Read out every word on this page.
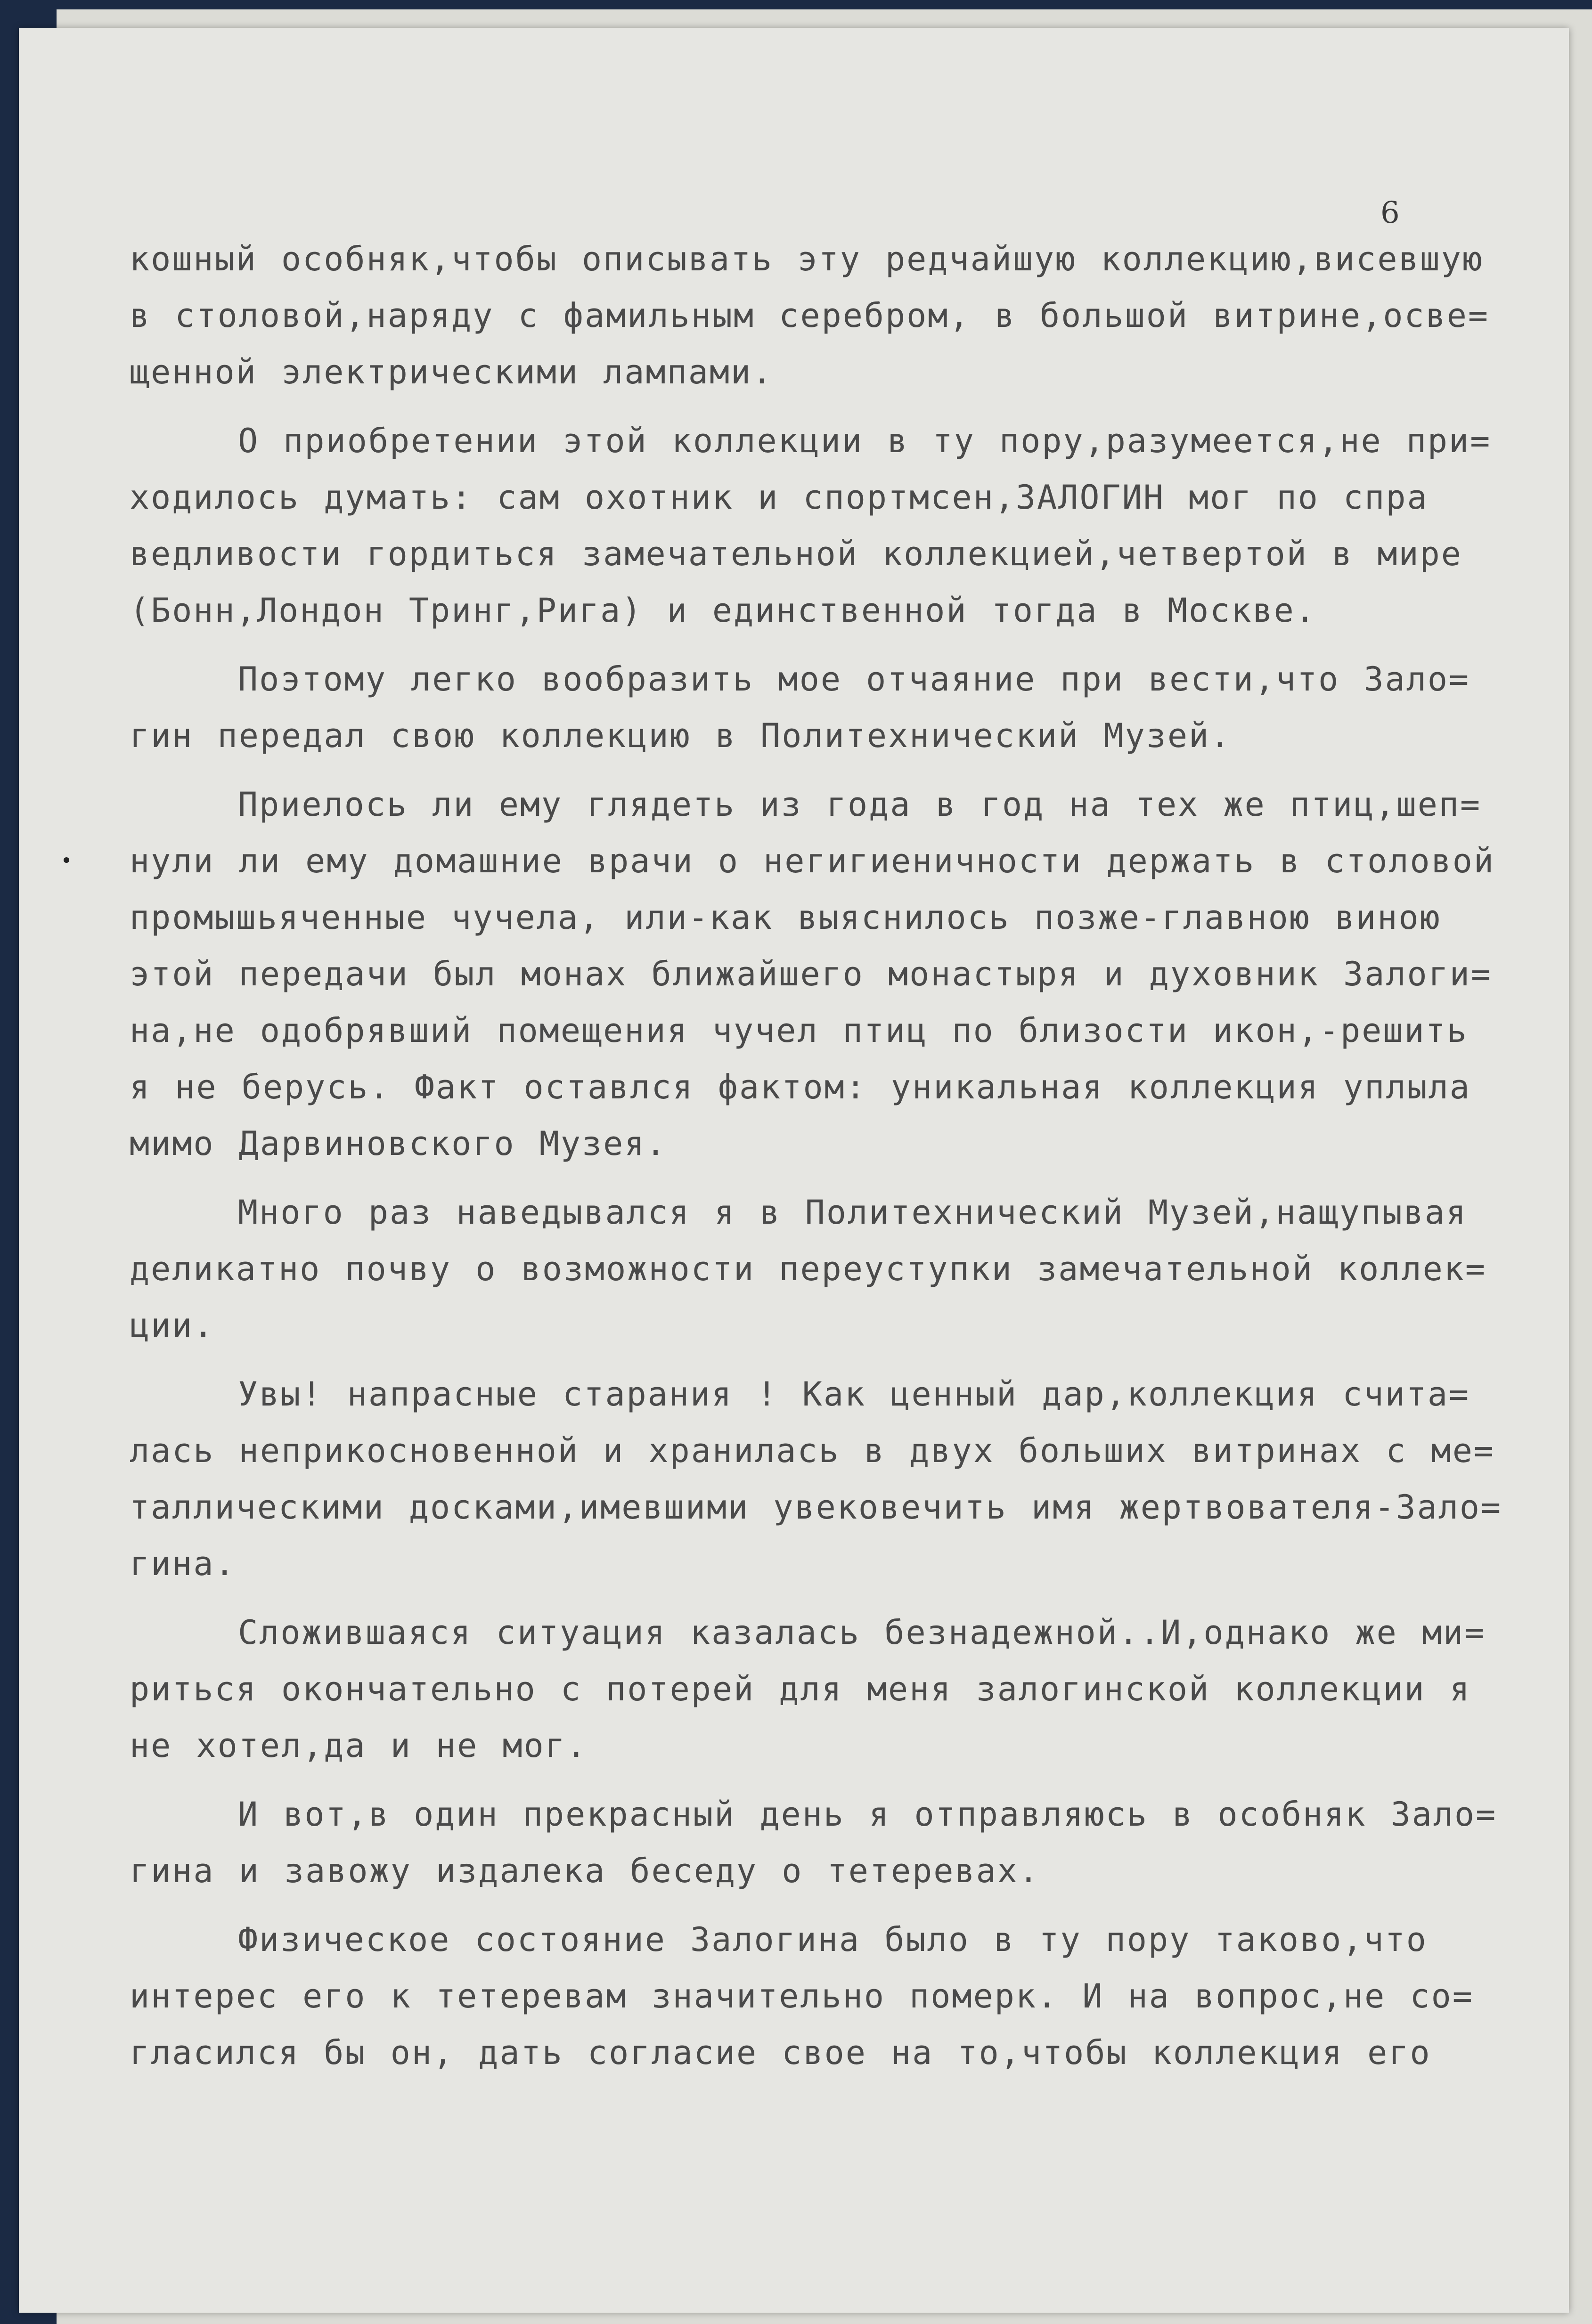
6
кошный особняк,чтобы описывать эту редчайшую коллекцию,висевшую
в столовой,наряду с фамильным серебром, в большой витрине,осве=
щенной электрическими лампами.
О приобретении этой коллекции в ту пору,разумеется,не при=
ходилось думать: сам охотник и спортмсен,ЗАЛОГИН мог по спра
ведливости гордиться замечательной коллекцией,четвертой в мире
(Бонн,Лондон Тринг,Рига) и единственной тогда в Москве.
Поэтому легко вообразить мое отчаяние при вести,что Зало=
гин передал свою коллекцию в Политехнический Музей.
Приелось ли ему глядеть из года в год на тех же птиц,шеп=
нули ли ему домашние врачи о негигиеничности держать в столовой
промышьяченные чучела, или-как выяснилось позже-главною виною
этой передачи был монах ближайшего монастыря и духовник Залоги=
на,не одобрявший помещения чучел птиц по близости икон,-решить
я не берусь. Факт оставлся фактом: уникальная коллекция уплыла
мимо Дарвиновского Музея.
Много раз наведывался я в Политехнический Музей,нащупывая
деликатно почву о возможности переуступки замечательной коллек=
ции.
Увы! напрасные старания ! Как ценный дар,коллекция счита=
лась неприкосновенной и хранилась в двух больших витринах с ме=
таллическими досками,имевшими увековечить имя жертвователя-Зало=
гина.
Сложившаяся ситуация казалась безнадежной..И,однако же ми=
риться окончательно с потерей для меня залогинской коллекции я
не хотел,да и не мог.
И вот,в один прекрасный день я отправляюсь в особняк Зало=
гина и завожу издалека беседу о тетеревах.
Физическое состояние Залогина было в ту пору таково,что
интерес его к тетеревам значительно померк. И на вопрос,не со=
гласился бы он, дать согласие свое на то,чтобы коллекция его
